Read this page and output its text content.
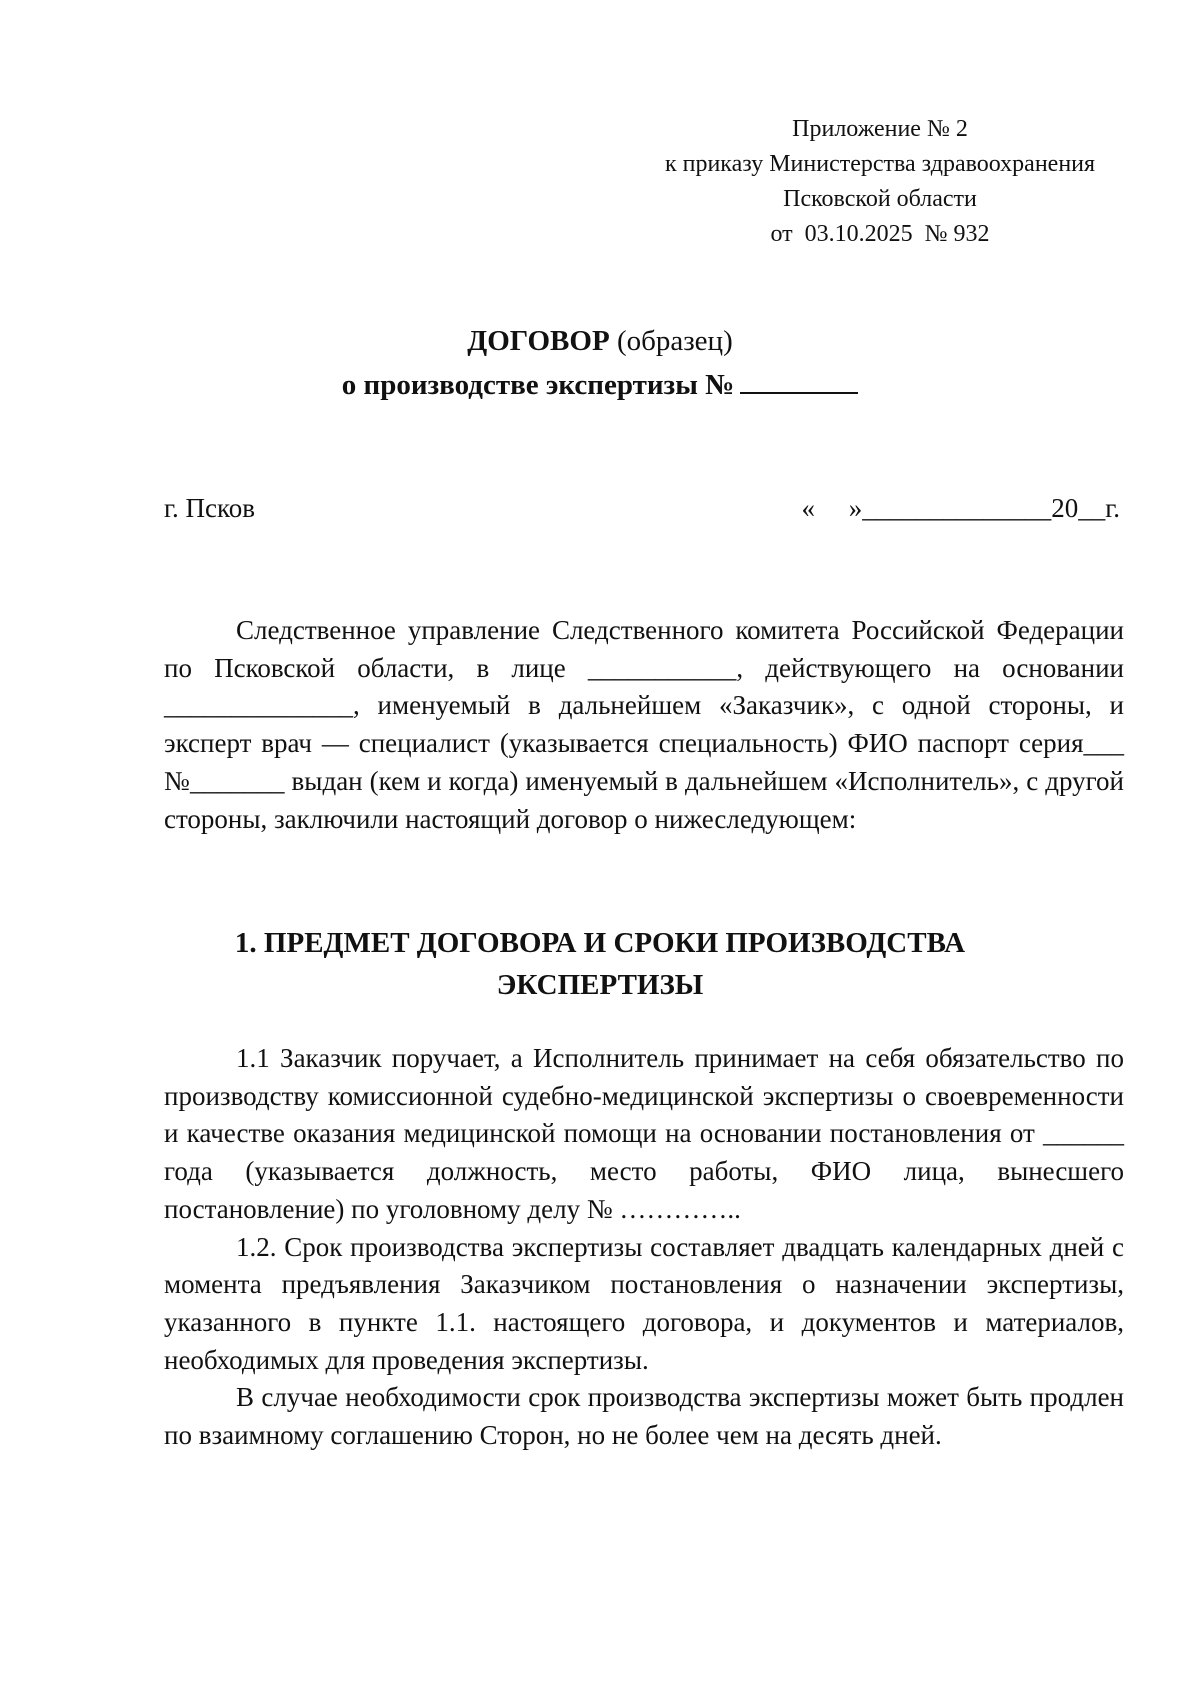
Приложение № 2
к приказу Министерства здравоохранения
Псковской области
от  03.10.2025  № 932
ДОГОВОР (образец)
о производстве экспертизы №
г. Псков	«     »______________20__г.

Следственное управление Следственного комитета Российской Федерации по Псковской области, в лице ___________, действующего на основании ______________, именуемый в дальнейшем «Заказчик», с одной стороны, и эксперт врач — специалист (указывается специальность) ФИО паспорт серия___ №_______ выдан (кем и когда) именуемый в дальнейшем «Исполнитель», с другой стороны, заключили настоящий договор о нижеследующем:

1. ПРЕДМЕТ ДОГОВОРА И СРОКИ ПРОИЗВОДСТВА
ЭКСПЕРТИЗЫ

1.1 Заказчик поручает, а Исполнитель принимает на себя обязательство по производству комиссионной судебно-медицинской экспертизы о своевременности и качестве оказания медицинской помощи на основании постановления от ______ года (указывается должность, место работы, ФИО лица, вынесшего постановление) по уголовному делу № …………..

1.2. Срок производства экспертизы составляет двадцать календарных дней с момента предъявления Заказчиком постановления о назначении экспертизы, указанного в пункте 1.1. настоящего договора, и документов и материалов, необходимых для проведения экспертизы.

В случае необходимости срок производства экспертизы может быть продлен по взаимному соглашению Сторон, но не более чем на десять дней.
